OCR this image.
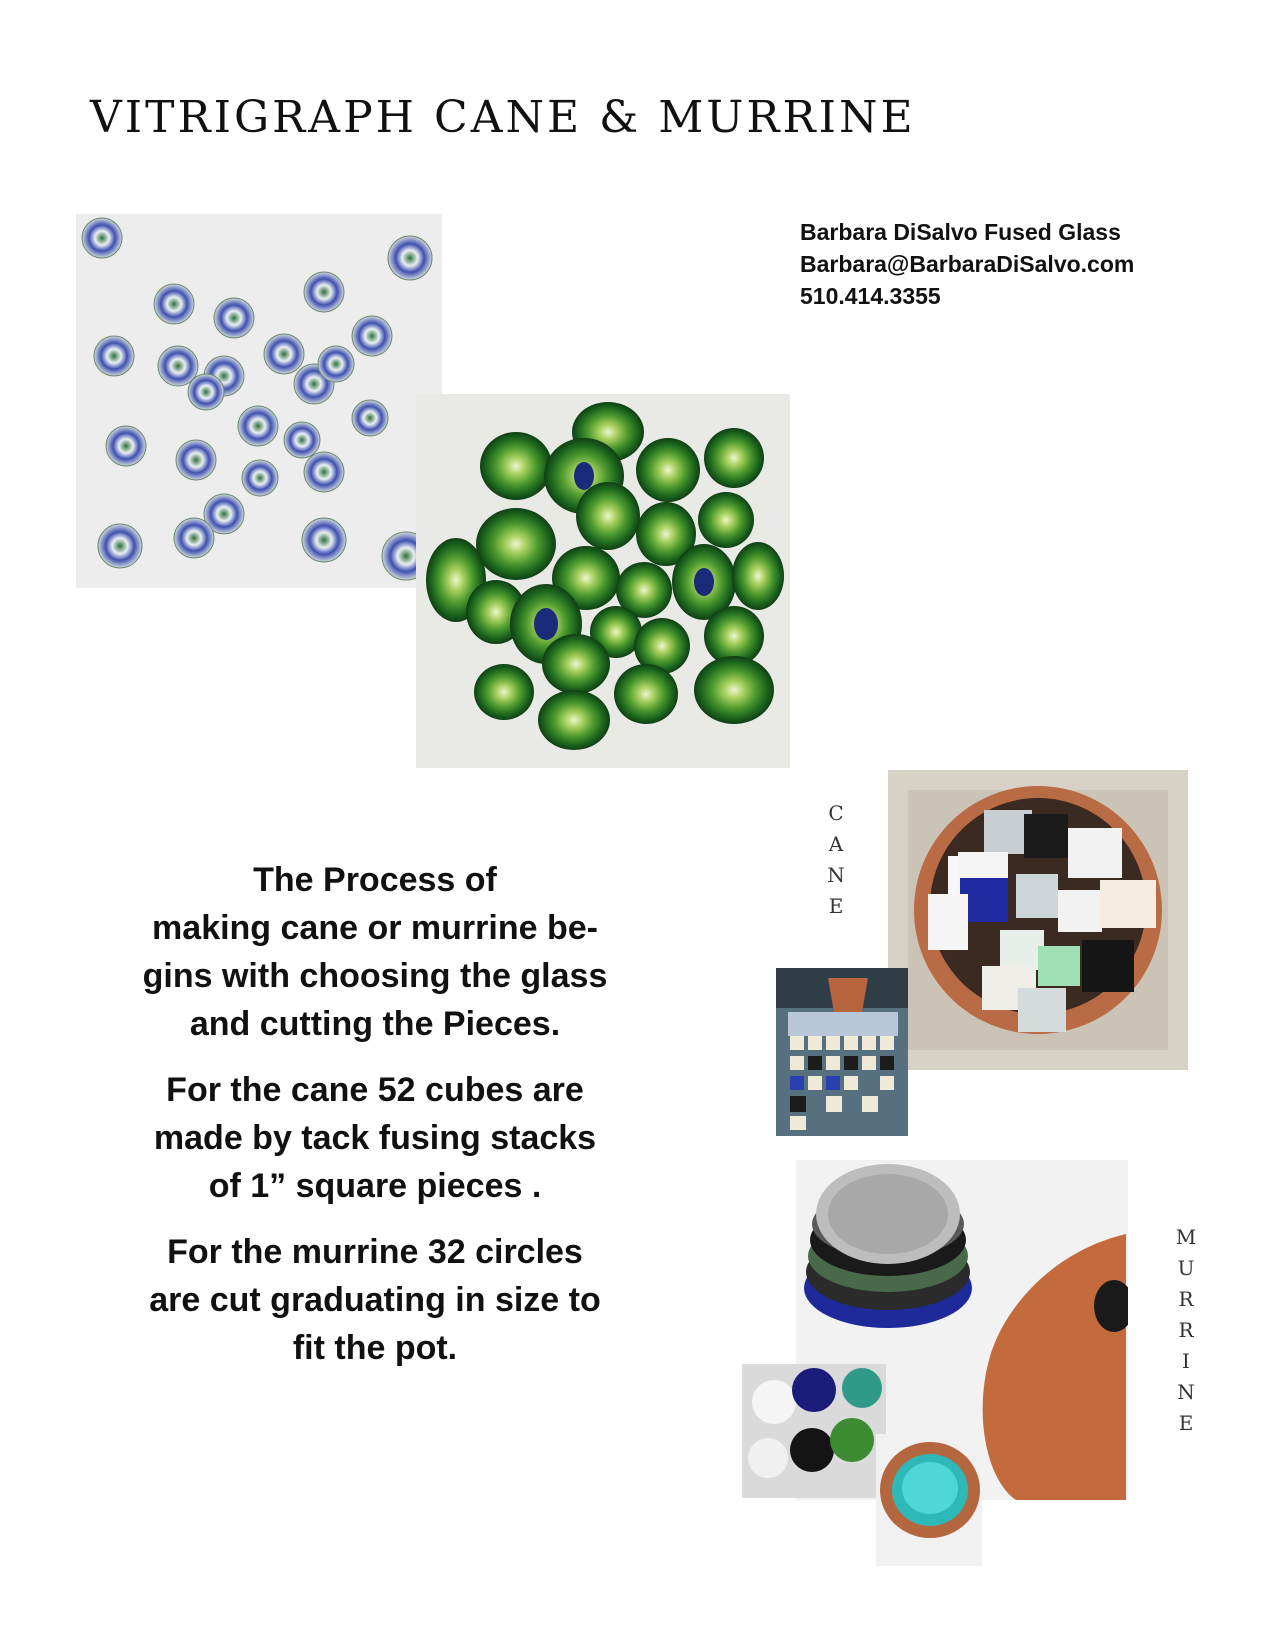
VITRIGRAPH CANE & MURRINE
Barbara DiSalvo Fused Glass
Barbara@BarbaraDiSalvo.com
510.414.3355
C
A
N
E
M
U
R
R
I
N
E

The Process of
making cane or murrine be-
gins with choosing the glass
and cutting the Pieces.

For the cane 52 cubes are
made by tack fusing stacks
of 1” square pieces .

For the murrine 32 circles
are cut graduating in size to
fit the pot.
